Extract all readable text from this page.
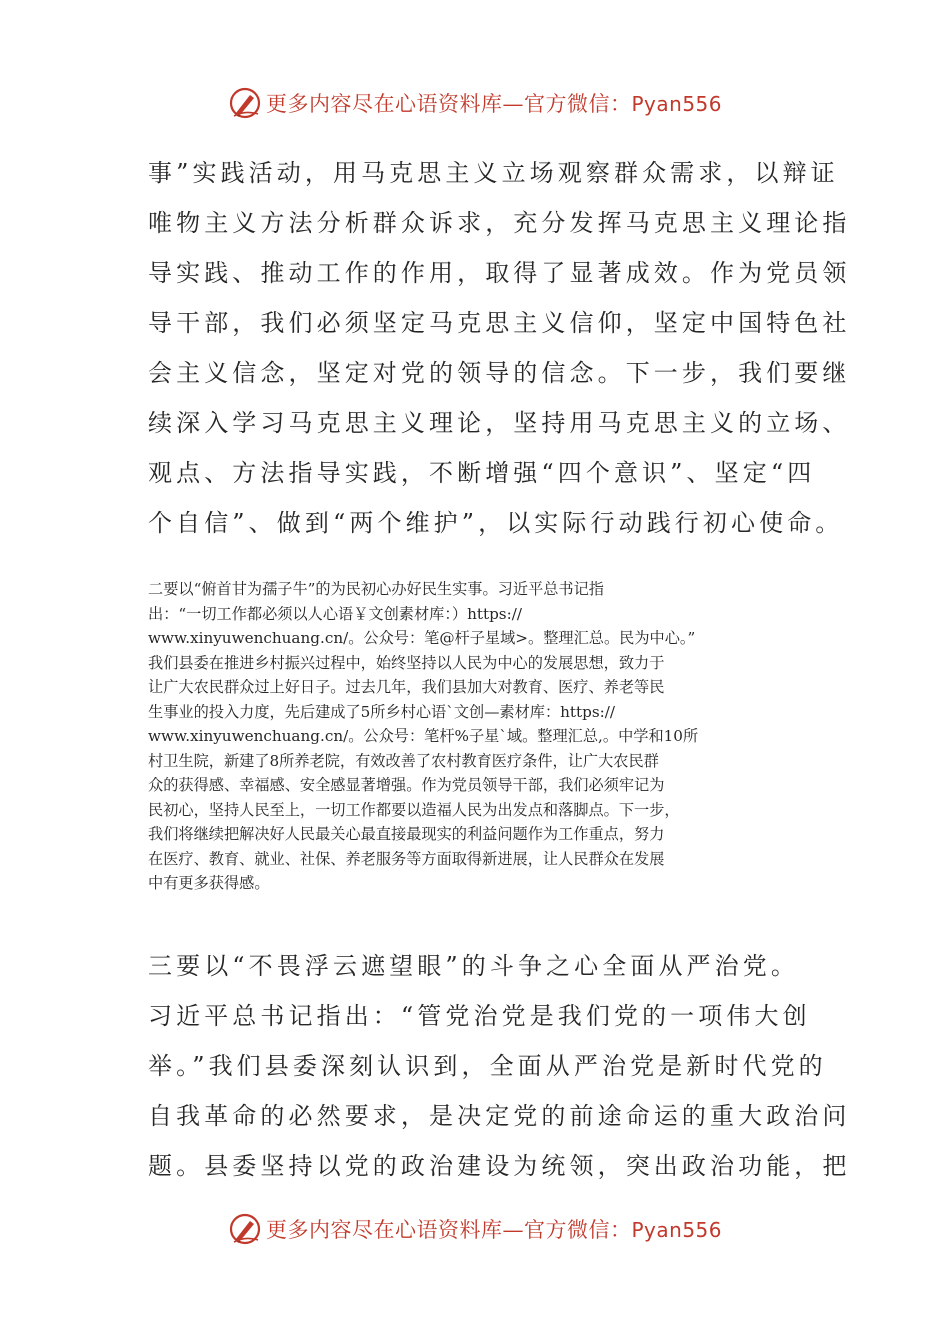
更多内容尽在心语资料库—官方微信：Pyan556
事”实践活动，用马克思主义立场观察群众需求，以辩证
唯物主义方法分析群众诉求，充分发挥马克思主义理论指
导实践、推动工作的作用，取得了显著成效。作为党员领
导干部，我们必须坚定马克思主义信仰，坚定中国特色社
会主义信念，坚定对党的领导的信念。下一步，我们要继
续深入学习马克思主义理论，坚持用马克思主义的立场、
观点、方法指导实践，不断增强“四个意识”、坚定“四
个自信”、做到“两个维护”，以实际行动践行初心使命。
二要以“俯首甘为孺子牛”的为民初心办好民生实事。习近平总书记指
出：“一切工作都必须以人心语￥文创素材库：）https://
www.xinyuwenchuang.cn/。公众号：笔@杆子星域>。整理汇总。民为中心。”
我们县委在推进乡村振兴过程中，始终坚持以人民为中心的发展思想，致力于
让广大农民群众过上好日子。过去几年，我们县加大对教育、医疗、养老等民
生事业的投入力度，先后建成了5所乡村心语`文创—素材库：https://
www.xinyuwenchuang.cn/。公众号：笔杆%子星`域。整理汇总,。中学和10所
村卫生院，新建了8所养老院，有效改善了农村教育医疗条件，让广大农民群
众的获得感、幸福感、安全感显著增强。作为党员领导干部，我们必须牢记为
民初心，坚持人民至上，一切工作都要以造福人民为出发点和落脚点。下一步，
我们将继续把解决好人民最关心最直接最现实的利益问题作为工作重点，努力
在医疗、教育、就业、社保、养老服务等方面取得新进展，让人民群众在发展
中有更多获得感。
三要以“不畏浮云遮望眼”的斗争之心全面从严治党。
习近平总书记指出：“管党治党是我们党的一项伟大创
举。”我们县委深刻认识到，全面从严治党是新时代党的
自我革命的必然要求，是决定党的前途命运的重大政治问
题。县委坚持以党的政治建设为统领，突出政治功能，把
更多内容尽在心语资料库—官方微信：Pyan556
